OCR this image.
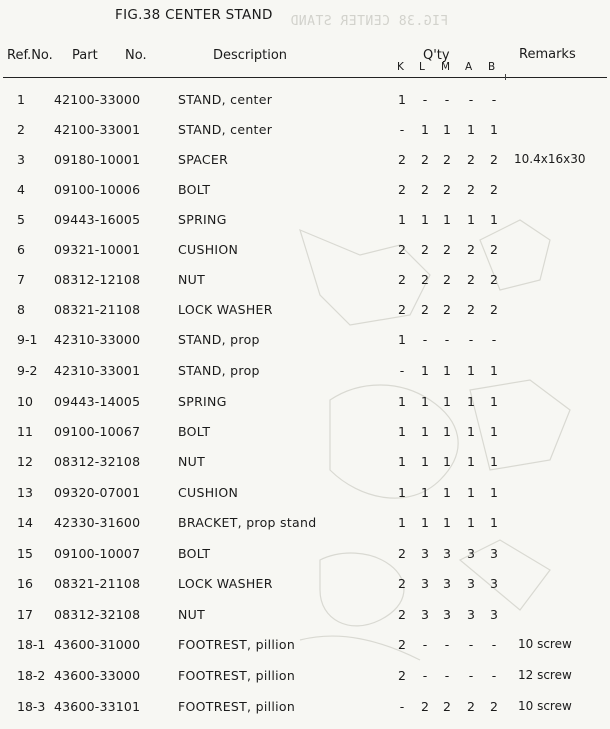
FIG.38 CENTER STAND
FIG.38 CENTER STAND
Ref.No. Part No.	Description	Q'ty	Remarks
K L M A B
1 42100-33000	STAND, center	1 -	-	-	-
2 42100-33001	STAND, center	-	1 1 1 1
3 09180-10001	SPACER	2 2 2 2 2 10.4x16x30
4 09100-10006	BOLT	2 2 2 2 2
5 09443-16005	SPRING	1 1 1 1 1
6 09321-10001	CUSHION	2 2 2 2 2
7 08312-12108	NUT	2 2 2 2 2
8 08321-21108	LOCK WASHER	2 2 2 2 2
9-1 42310-33000	STAND, prop	1 -	-	-	-
9-2 42310-33001	STAND, prop	-	1 1 1 1
10 09443-14005	SPRING	1 1 1 1 1
11 09100-10067	BOLT	1 1 1 1 1
12 08312-32108	NUT	1 1 1 1 1
13 09320-07001	CUSHION	1 1 1 1 1
14 42330-31600	BRACKET, prop stand	1 1 1 1 1
15 09100-10007	BOLT	2 3 3 3 3
16 08321-21108	LOCK WASHER	2 3 3 3 3
17 08312-32108	NUT	2 3 3 3 3
18-1 43600-31000	FOOTREST, pillion	2 -	-	-	-	10 screw
18-2 43600-33000	FOOTREST, pillion	2 -	-	-	-	12 screw
18-3 43600-33101	FOOTREST, pillion	-	2 2 2 2 10 screw
